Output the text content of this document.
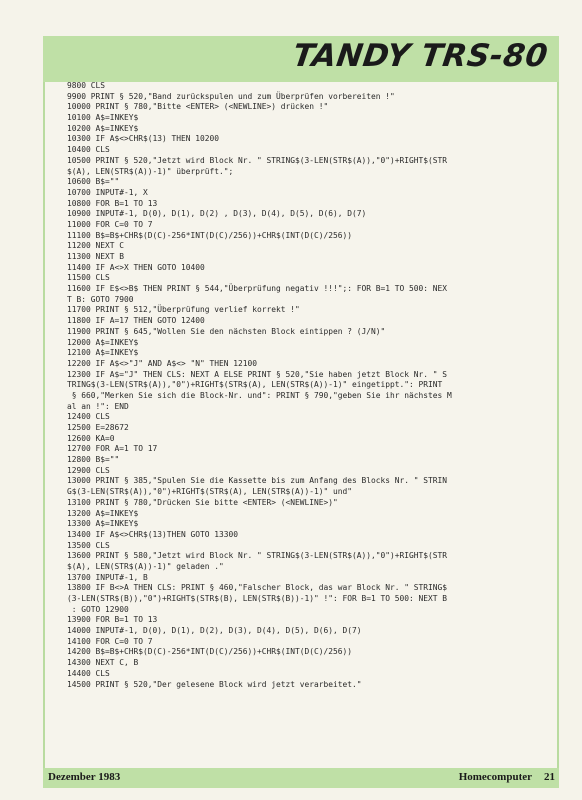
TANDY TRS-80
9800 CLS
9900 PRINT § 520,"Band zurückspulen und zum Überprüfen vorbereiten !"
10000 PRINT § 780,"Bitte <ENTER> (<NEWLINE>) drücken !"
10100 A$=INKEY$
10200 A$=INKEY$
10300 IF A$<>CHR$(13) THEN 10200
10400 CLS
10500 PRINT § 520,"Jetzt wird Block Nr. " STRING$(3-LEN(STR$(A)),"0")+RIGHT$(STR
$(A), LEN(STR$(A))-1)" überprüft.";
10600 B$=""
10700 INPUT#-1, X
10800 FOR B=1 TO 13
10900 INPUT#-1, D(0), D(1), D(2) , D(3), D(4), D(5), D(6), D(7)
11000 FOR C=0 TO 7
11100 B$=B$+CHR$(D(C)-256*INT(D(C)/256))+CHR$(INT(D(C)/256))
11200 NEXT C
11300 NEXT B
11400 IF A<>X THEN GOTO 10400
11500 CLS
11600 IF E$<>B$ THEN PRINT § 544,"Überprüfung negativ !!!";: FOR B=1 TO 500: NEX
T B: GOTO 7900
11700 PRINT § 512,"Überprüfung verlief korrekt !"
11800 IF A=17 THEN GOTO 12400
11900 PRINT § 645,"Wollen Sie den nächsten Block eintippen ? (J/N)"
12000 A$=INKEY$
12100 A$=INKEY$
12200 IF A$<>"J" AND A$<> "N" THEN 12100
12300 IF A$="J" THEN CLS: NEXT A ELSE PRINT § 520,"Sie haben jetzt Block Nr. " S
TRING$(3-LEN(STR$(A)),"0")+RIGHT$(STR$(A), LEN(STR$(A))-1)" eingetippt.": PRINT
§ 660,"Merken Sie sich die Block-Nr. und": PRINT § 790,"geben Sie ihr nächstes M
al an !": END
12400 CLS
12500 E=28672
12600 KA=0
12700 FOR A=1 TO 17
12800 B$=""
12900 CLS
13000 PRINT § 385,"Spulen Sie die Kassette bis zum Anfang des Blocks Nr. " STRIN
G$(3-LEN(STR$(A)),"0")+RIGHT$(STR$(A), LEN(STR$(A))-1)" und"
13100 PRINT § 780,"Drücken Sie bitte <ENTER> (<NEWLINE>)"
13200 A$=INKEY$
13300 A$=INKEY$
13400 IF A$<>CHR$(13)THEN GOTO 13300
13500 CLS
13600 PRINT § 580,"Jetzt wird Block Nr. " STRING$(3-LEN(STR$(A)),"0")+RIGHT$(STR
$(A), LEN(STR$(A))-1)" geladen ."
13700 INPUT#-1, B
13800 IF B<>A THEN CLS: PRINT § 460,"Falscher Block, das war Block Nr. " STRING$
(3-LEN(STR$(B)),"0")+RIGHT$(STR$(B), LEN(STR$(B))-1)" !": FOR B=1 TO 500: NEXT B
: GOTO 12900
13900 FOR B=1 TO 13
14000 INPUT#-1, D(0), D(1), D(2), D(3), D(4), D(5), D(6), D(7)
14100 FOR C=0 TO 7
14200 B$=B$+CHR$(D(C)-256*INT(D(C)/256))+CHR$(INT(D(C)/256))
14300 NEXT C, B
14400 CLS
14500 PRINT § 520,"Der gelesene Block wird jetzt verarbeitet."
Dezember 1983	Homecomputer 21
